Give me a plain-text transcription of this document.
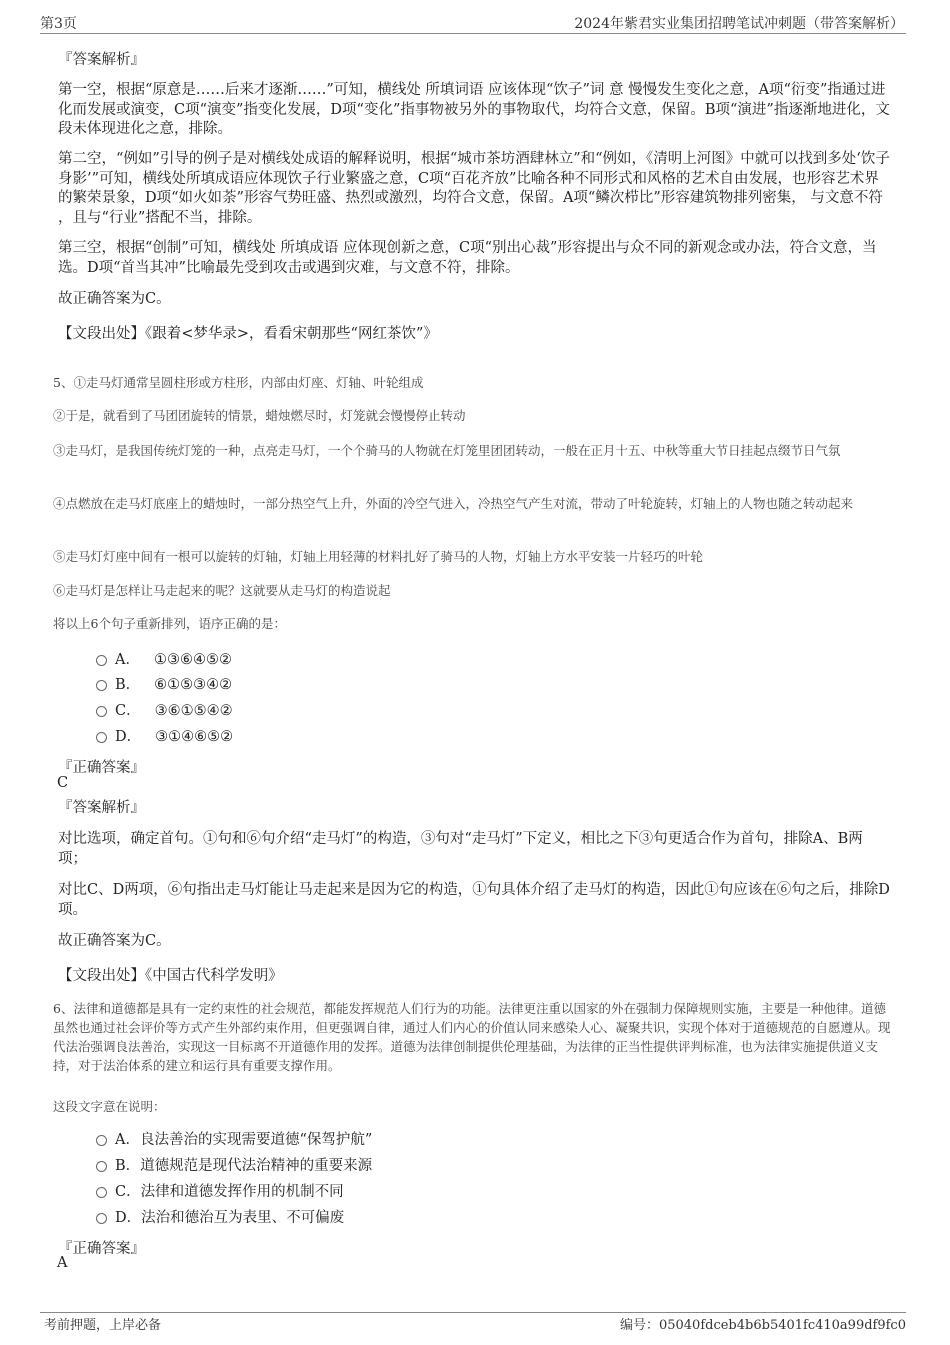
第3页	2024年紫君实业集团招聘笔试冲刺题（带答案解析）
『答案解析』
第一空，根据“原意是……后来才逐渐……”可知，横线处 所填词语 应该体现“饮子”词 意 慢慢发生变化之意，A项“衍变”指通过进化而发展或演变，C项“演变”指变化发展，D项“变化”指事物被另外的事物取代，均符合文意，保留。B项“演进”指逐渐地进化，文段未体现进化之意，排除。
第二空，“例如”引导的例子是对横线处成语的解释说明，根据“城市茶坊酒肆林立”和“例如，《清明上河图》中就可以找到多处‘饮子身影’”可知，横线处所填成语应体现饮子行业繁盛之意，C项“百花齐放”比喻各种不同形式和风格的艺术自由发展，也形容艺术界的繁荣景象，D项“如火如荼”形容气势旺盛、热烈或激烈，均符合文意，保留。A项“鳞次栉比”形容建筑物排列密集， 与文意不符 ，且与“行业”搭配不当，排除。
第三空，根据“创制”可知，横线处 所填成语 应体现创新之意，C项“别出心裁”形容提出与众不同的新观念或办法，符合文意，当选。D项“首当其冲”比喻最先受到攻击或遇到灾难，与文意不符，排除。
故正确答案为C。
【文段出处】《跟着<梦华录>，看看宋朝那些“网红茶饮”》
5、①走马灯通常呈圆柱形或方柱形，内部由灯座、灯轴、叶轮组成
②于是，就看到了马团团旋转的情景，蜡烛燃尽时，灯笼就会慢慢停止转动
③走马灯，是我国传统灯笼的一种，点亮走马灯，一个个骑马的人物就在灯笼里团团转动，一般在正月十五、中秋等重大节日挂起点缀节日气氛
④点燃放在走马灯底座上的蜡烛时，一部分热空气上升，外面的冷空气进入，冷热空气产生对流，带动了叶轮旋转，灯轴上的人物也随之转动起来
⑤走马灯灯座中间有一根可以旋转的灯轴，灯轴上用轻薄的材料扎好了骑马的人物，灯轴上方水平安装一片轻巧的叶轮
⑥走马灯是怎样让马走起来的呢？这就要从走马灯的构造说起
将以上6个句子重新排列，语序正确的是：
A． ①③⑥④⑤②
B． ⑥①⑤③④②
C． ③⑥①⑤④②
D． ③①④⑥⑤②
『正确答案』
C
『答案解析』
对比选项，确定首句。①句和⑥句介绍“走马灯”的构造，③句对“走马灯”下定义，相比之下③句更适合作为首句，排除A、B两项；
对比C、D两项，⑥句指出走马灯能让马走起来是因为它的构造，①句具体介绍了走马灯的构造，因此①句应该在⑥句之后，排除D项。
故正确答案为C。
【文段出处】《中国古代科学发明》
6、法律和道德都是具有一定约束性的社会规范，都能发挥规范人们行为的功能。法律更注重以国家的外在强制力保障规则实施，主要是一种他律。道德虽然也通过社会评价等方式产生外部约束作用，但更强调自律，通过人们内心的价值认同来感染人心、凝聚共识，实现个体对于道德规范的自愿遵从。现代法治强调良法善治，实现这一目标离不开道德作用的发挥。道德为法律创制提供伦理基础，为法律的正当性提供评判标准，也为法律实施提供道义支持，对于法治体系的建立和运行具有重要支撑作用。
这段文字意在说明：
A． 良法善治的实现需要道德“保驾护航”
B． 道德规范是现代法治精神的重要来源
C． 法律和道德发挥作用的机制不同
D． 法治和德治互为表里、不可偏废
『正确答案』
A
考前押题，上岸必备	编号：05040fdceb4b6b5401fc410a99df9fc0
